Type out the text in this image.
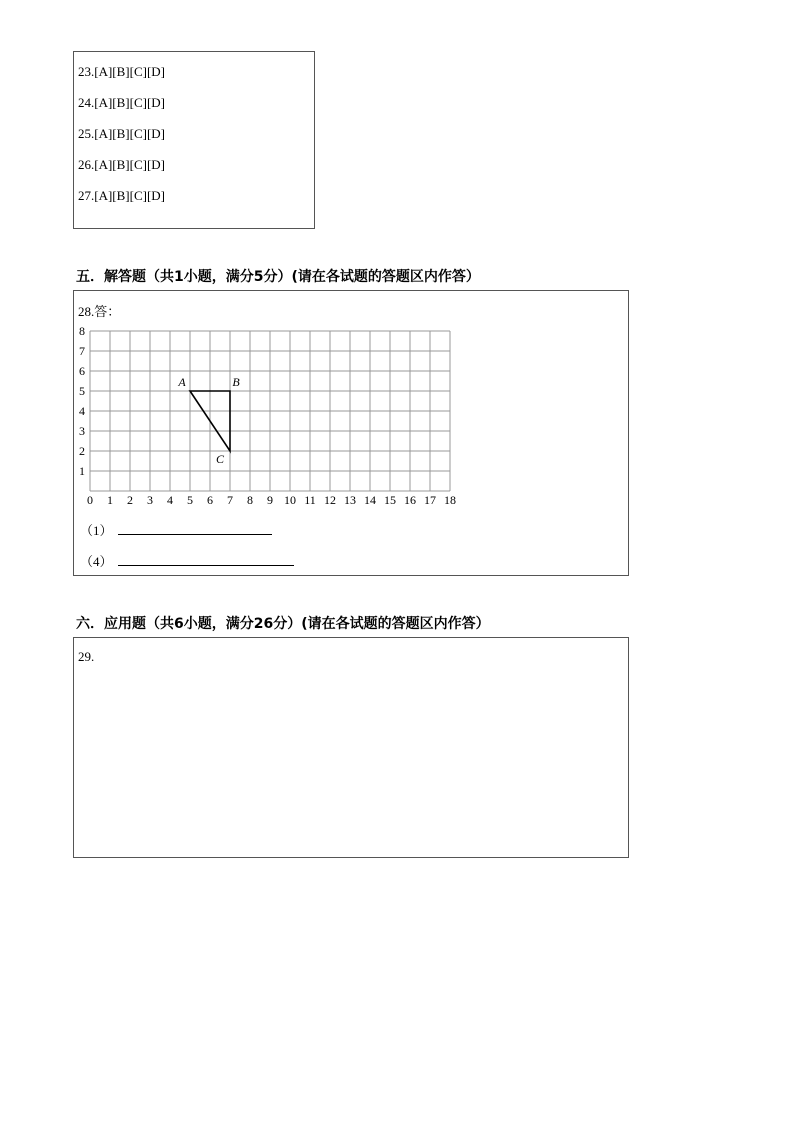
23.[A][B][C][D]
24.[A][B][C][D]
25.[A][B][C][D]
26.[A][B][C][D]
27.[A][B][C][D]
五．解答题（共1小题，满分5分）(请在各试题的答题区内作答）
28.答：
0 1 2 3 4 5 6 7 8 9 10 11 12 13 14 15 16 17 18
1
2
3
4
5
6
7
8
A	B
C
（1）
（4）
六．应用题（共6小题，满分26分）(请在各试题的答题区内作答）
29.
